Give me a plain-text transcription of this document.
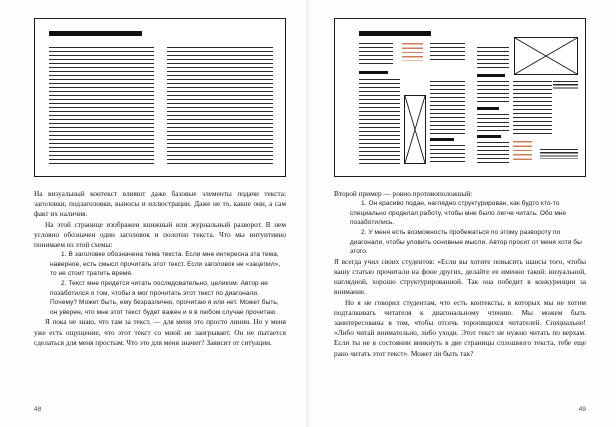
На визуальный контекст влияют даже базовые элементы подачи текста: заголовки, подзаголовки, выносы и иллюстрации. Даже не то, какие они, а сам факт их наличия.

На этой странице изображен книжный или журнальный разворот. В нем условно обозначен один заголовок и полотно текста. Что мы интуитивно понимаем из этой схемы:

1. В заголовке обозначена тема текста. Если мне интересна эта тема, наверное, есть смысл прочитать этот текст. Если заголовок не «зацепил», то не стоит тратить время.

2. Текст мне придется читать последовательно, целиком. Автор не позаботился о том, чтобы я мог прочитать этот текст по диагонали. Почему? Может быть, ему безразлично, прочитаю я или нет. Может быть, он уверен, что мне этот текст будет важен и я в любом случае прочитаю.

Я пока не знаю, что там за текст, — для меня это просто линии. Но у меня уже есть ощущение, что этот текст со мной не заигрывает. Он не пытается сделаться для меня простым. Что это для меня значит? Зависит от ситуации.

48

Второй пример — ровно противоположный:

1. Он красиво подан, наглядно структурирован, как будто кто-то специально проделал работу, чтобы мне было легче читать. Обо мне позаботились.

2. У меня есть возможность пробежаться по этому развороту по диагонали, чтобы уловить основные мысли. Автор просит от меня хотя бы этого.

Я всегда учил своих студентов: «Если вы хотите повысить шансы того, чтобы вашу статью прочитали на фоне других, делайте ее именно такой: визуальной, наглядной, хорошо структурированной. Так она победит в конкуренции за внимание.

Но я не говорил студентам, что есть контексты, в которых мы не хотим подталкивать читателя к диагональному чтению. Мы можем быть заинтересованы в том, чтобы отсечь торопящихся читателей. Специально! «Либо читай внимательно, либо уходи. Этот текст не нужно читать по верхам. Если ты не в состоянии вникнуть в две страницы сплошного текста, тебе еще рано читать этот текст». Может ли быть так?

49
